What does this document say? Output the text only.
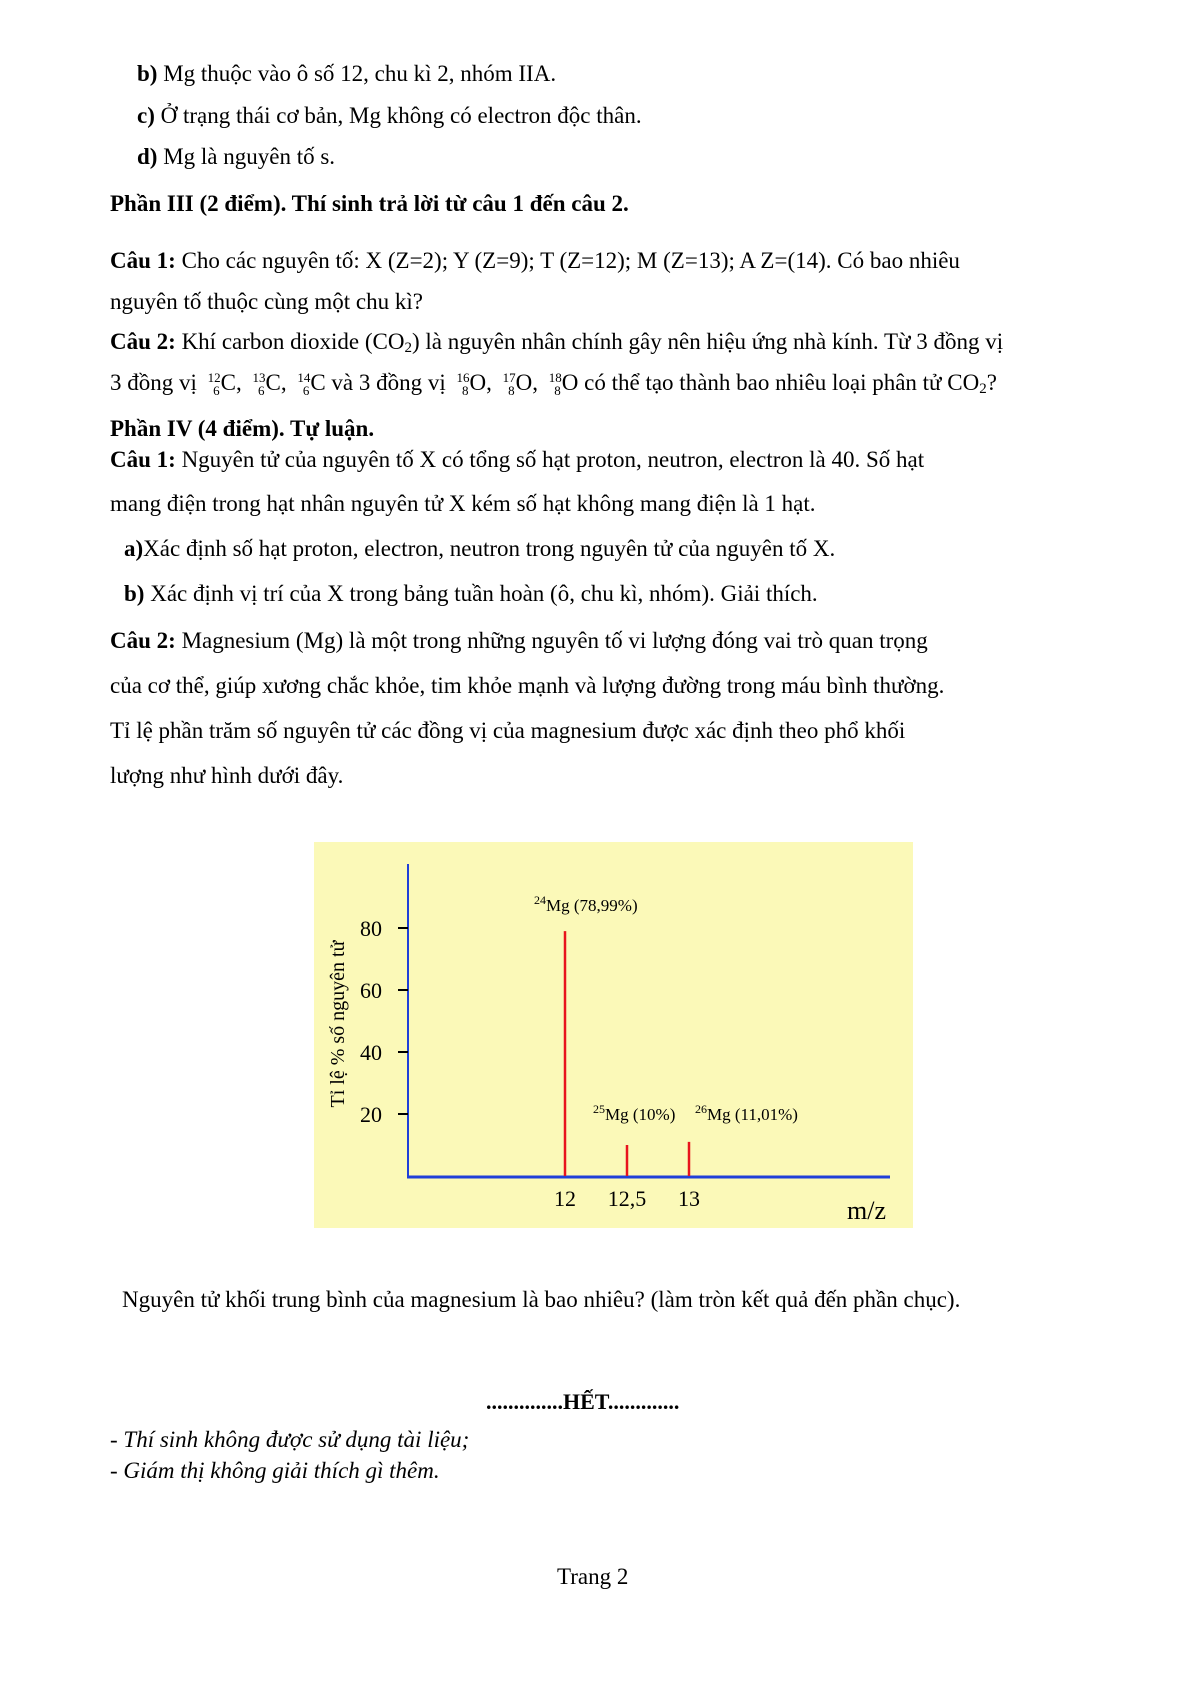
b) Mg thuộc vào ô số 12, chu kì 2, nhóm IIA.
c) Ở trạng thái cơ bản, Mg không có electron độc thân.
d) Mg là nguyên tố s.
Phần III (2 điểm). Thí sinh trả lời từ câu 1 đến câu 2.
Câu 1: Cho các nguyên tố: X (Z=2); Y (Z=9); T (Z=12); M (Z=13); A Z=(14). Có bao nhiêu
nguyên tố thuộc cùng một chu kì?
Câu 2: Khí carbon dioxide $(CO_2)$ là nguyên nhân chính gây nên hiệu ứng nhà kính. Từ 3 đồng vị
3 đồng vị 12
6 C, 13
6 C, 14
6 C và 3 đồng vị 16
8 O, 17
8 O, 18
8 O có thể tạo thành bao nhiêu loại phân tử $CO_2$?
Phần IV (4 điểm). Tự luận.
Câu 1: Nguyên tử của nguyên tố X có tổng số hạt proton, neutron, electron là 40. Số hạt
mang điện trong hạt nhân nguyên tử X kém số hạt không mang điện là 1 hạt.
a)Xác định số hạt proton, electron, neutron trong nguyên tử của nguyên tố X.
b) Xác định vị trí của X trong bảng tuần hoàn (ô, chu kì, nhóm). Giải thích.
Câu 2: Magnesium (Mg) là một trong những nguyên tố vi lượng đóng vai trò quan trọng
của cơ thể, giúp xương chắc khỏe, tim khỏe mạnh và lượng đường trong máu bình thường.
Tỉ lệ phần trăm số nguyên tử các đồng vị của magnesium được xác định theo phổ khối
lượng như hình dưới đây.
20
40
60
80
12 12,5 13
$^{24}$Mg (78,99%)
$^{25}$Mg (10%) $^{26}$Mg (11,01%)
Tỉ lệ % số nguyên tử
m/z
Nguyên tử khối trung bình của magnesium là bao nhiêu? (làm tròn kết quả đến phần chục).
..............HẾT.............
- Thí sinh không được sử dụng tài liệu;
- Giám thị không giải thích gì thêm.
Trang 2
